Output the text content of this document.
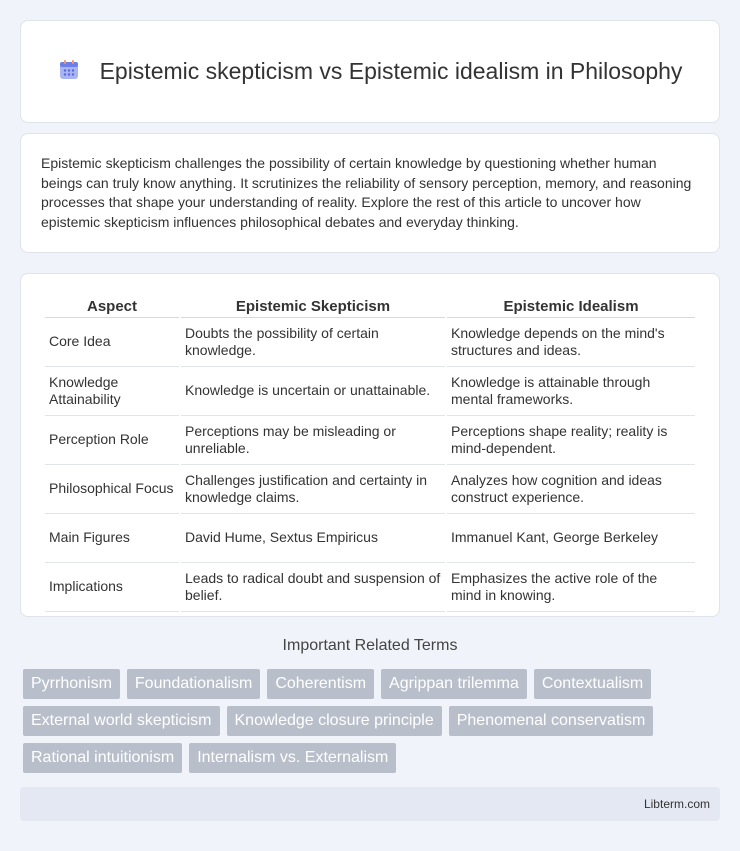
Epistemic skepticism vs Epistemic idealism in Philosophy

Epistemic skepticism challenges the possibility of certain knowledge by questioning whether human beings can truly know anything. It scrutinizes the reliability of sensory perception, memory, and reasoning processes that shape your understanding of reality. Explore the rest of this article to uncover how epistemic skepticism influences philosophical debates and everyday thinking.

Aspect	Epistemic Skepticism	Epistemic Idealism
Core Idea	Doubts the possibility of certain knowledge.	Knowledge depends on the mind's structures and ideas.
Knowledge Attainability	Knowledge is uncertain or unattainable.	Knowledge is attainable through mental frameworks.
Perception Role	Perceptions may be misleading or unreliable.	Perceptions shape reality; reality is mind-dependent.
Philosophical Focus	Challenges justification and certainty in knowledge claims.	Analyzes how cognition and ideas construct experience.
Main Figures	David Hume, Sextus Empiricus	Immanuel Kant, George Berkeley
Implications	Leads to radical doubt and suspension of belief.	Emphasizes the active role of the mind in knowing.
Important Related Terms
Pyrrhonism	Foundationalism	Coherentism	Agrippan trilemma	Contextualism
External world skepticism	Knowledge closure principle	Phenomenal conservatism
Rational intuitionism	Internalism vs. Externalism
Libterm.com
